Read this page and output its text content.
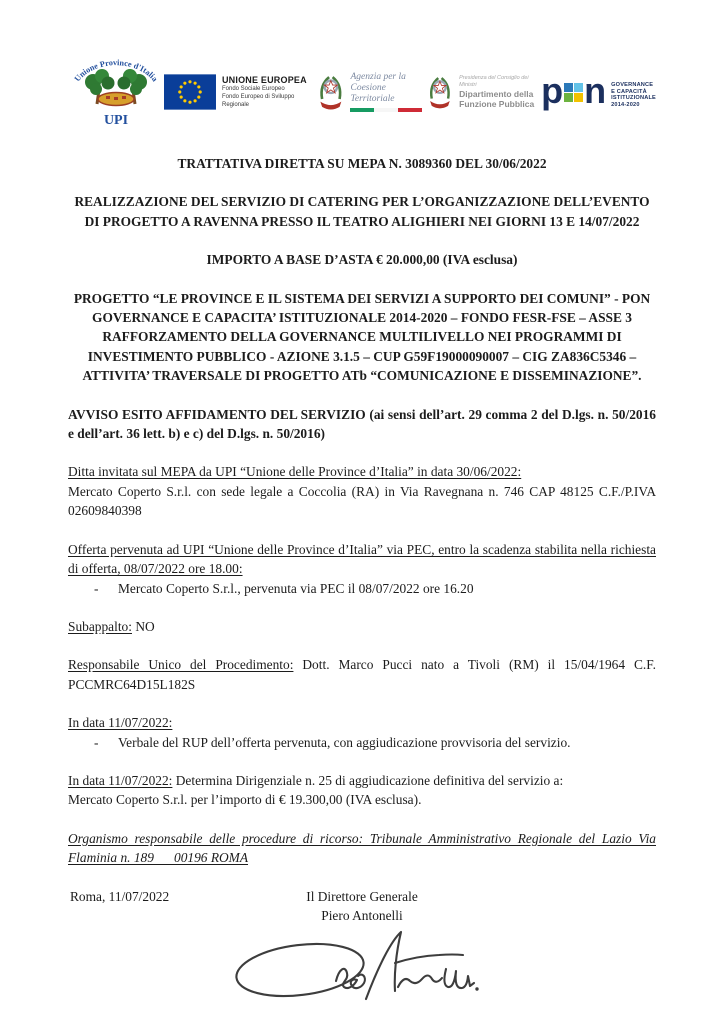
Unione Province d'Italia
UPI
UNIONE EUROPEA
Fondo Sociale Europeo
Fondo Europeo di Sviluppo Regionale
Agenzia per la
Coesione Territoriale
Presidenza del Consiglio dei Ministri
Dipartimento della
Funzione Pubblica p n GOVERNANCE
E CAPACITÀ
ISTITUZIONALE
2014-2020
TRATTATIVA DIRETTA SU MEPA N. 3089360 DEL 30/06/2022
REALIZZAZIONE DEL SERVIZIO DI CATERING PER L’ORGANIZZAZIONE DELL’EVENTO DI PROGETTO A RAVENNA PRESSO IL TEATRO ALIGHIERI NEI GIORNI 13 E 14/07/2022
IMPORTO A BASE D’ASTA € 20.000,00 (IVA esclusa)
PROGETTO “LE PROVINCE E IL SISTEMA DEI SERVIZI A SUPPORTO DEI COMUNI” - PON GOVERNANCE E CAPACITA’ ISTITUZIONALE 2014-2020 – FONDO FESR-FSE – ASSE 3 RAFFORZAMENTO DELLA GOVERNANCE MULTILIVELLO NEI PROGRAMMI DI INVESTIMENTO PUBBLICO - AZIONE 3.1.5 – CUP G59F19000090007 – CIG ZA836C5346 – ATTIVITA’ TRAVERSALE DI PROGETTO ATb “COMUNICAZIONE E DISSEMINAZIONE”.
AVVISO ESITO AFFIDAMENTO DEL SERVIZIO (ai sensi dell’art. 29 comma 2 del D.lgs. n. 50/2016 e dell’art. 36 lett. b) e c) del D.lgs. n. 50/2016)
Ditta invitata sul MEPA da UPI “Unione delle Province d’Italia” in data 30/06/2022:
Mercato Coperto S.r.l. con sede legale a Coccolia (RA) in Via Ravegnana n. 746 CAP 48125 C.F./P.IVA 02609840398
Offerta pervenuta ad UPI “Unione delle Province d’Italia” via PEC, entro la scadenza stabilita nella richiesta di offerta, 08/07/2022 ore 18.00:
-	Mercato Coperto S.r.l., pervenuta via PEC il 08/07/2022 ore 16.20
Subappalto: NO
Responsabile Unico del Procedimento: Dott. Marco Pucci nato a Tivoli (RM) il 15/04/1964 C.F. PCCMRC64D15L182S
In data 11/07/2022:
-	Verbale del RUP dell’offerta pervenuta, con aggiudicazione provvisoria del servizio.
In data 11/07/2022: Determina Dirigenziale n. 25 di aggiudicazione definitiva del servizio a:
Mercato Coperto S.r.l. per l’importo di € 19.300,00 (IVA esclusa).
Organismo responsabile delle procedure di ricorso: Tribunale Amministrativo Regionale del Lazio Via Flaminia n. 189   00196 ROMA
Roma, 11/07/2022	Il Direttore Generale
Piero Antonelli
